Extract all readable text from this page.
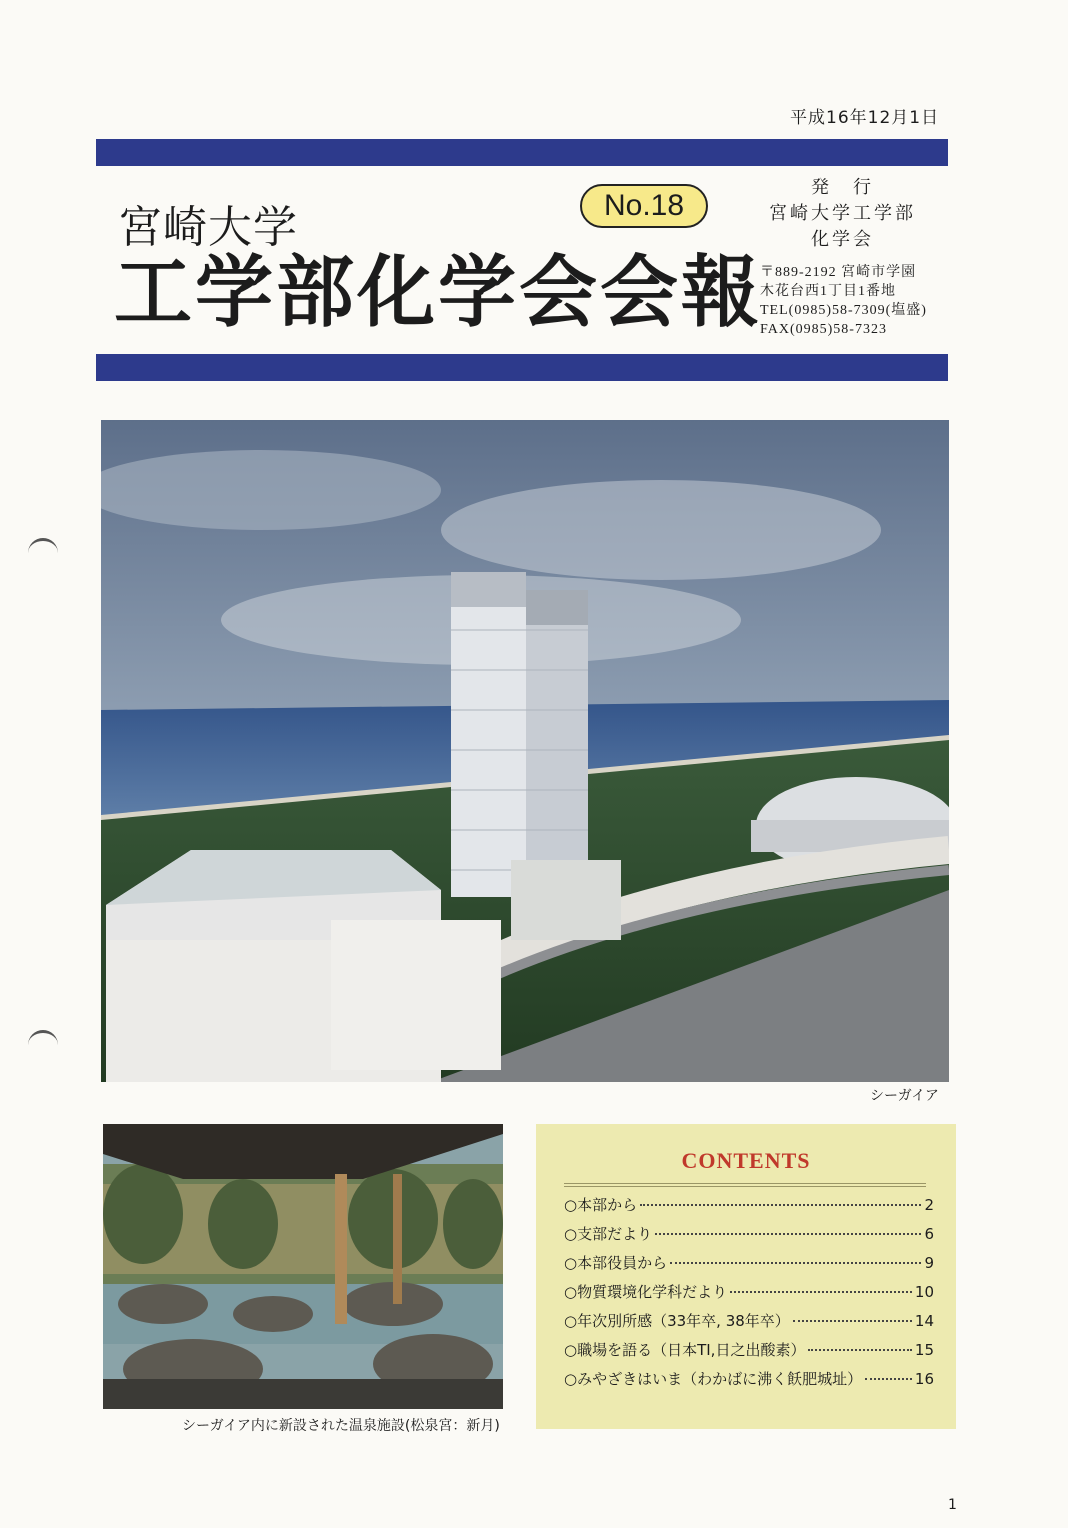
平成16年12月1日
宮崎大学
工学部化学会会報
No.18
発　行
宮崎大学工学部
化学会
〒889-2192 宮崎市学園
木花台西1丁目1番地
TEL(0985)58-7309(塩盛)
FAX(0985)58-7323
シーガイア
シーガイア内に新設された温泉施設(松泉宮：新月)
CONTENTS
○本部から	2
○支部だより	6
○本部役員から	9
○物質環境化学科だより	10
○年次別所感（33年卒, 38年卒）	14
○職場を語る（日本TI,日之出酸素）	15
○みやざきはいま（わかばに沸く飫肥城址）	16
1
